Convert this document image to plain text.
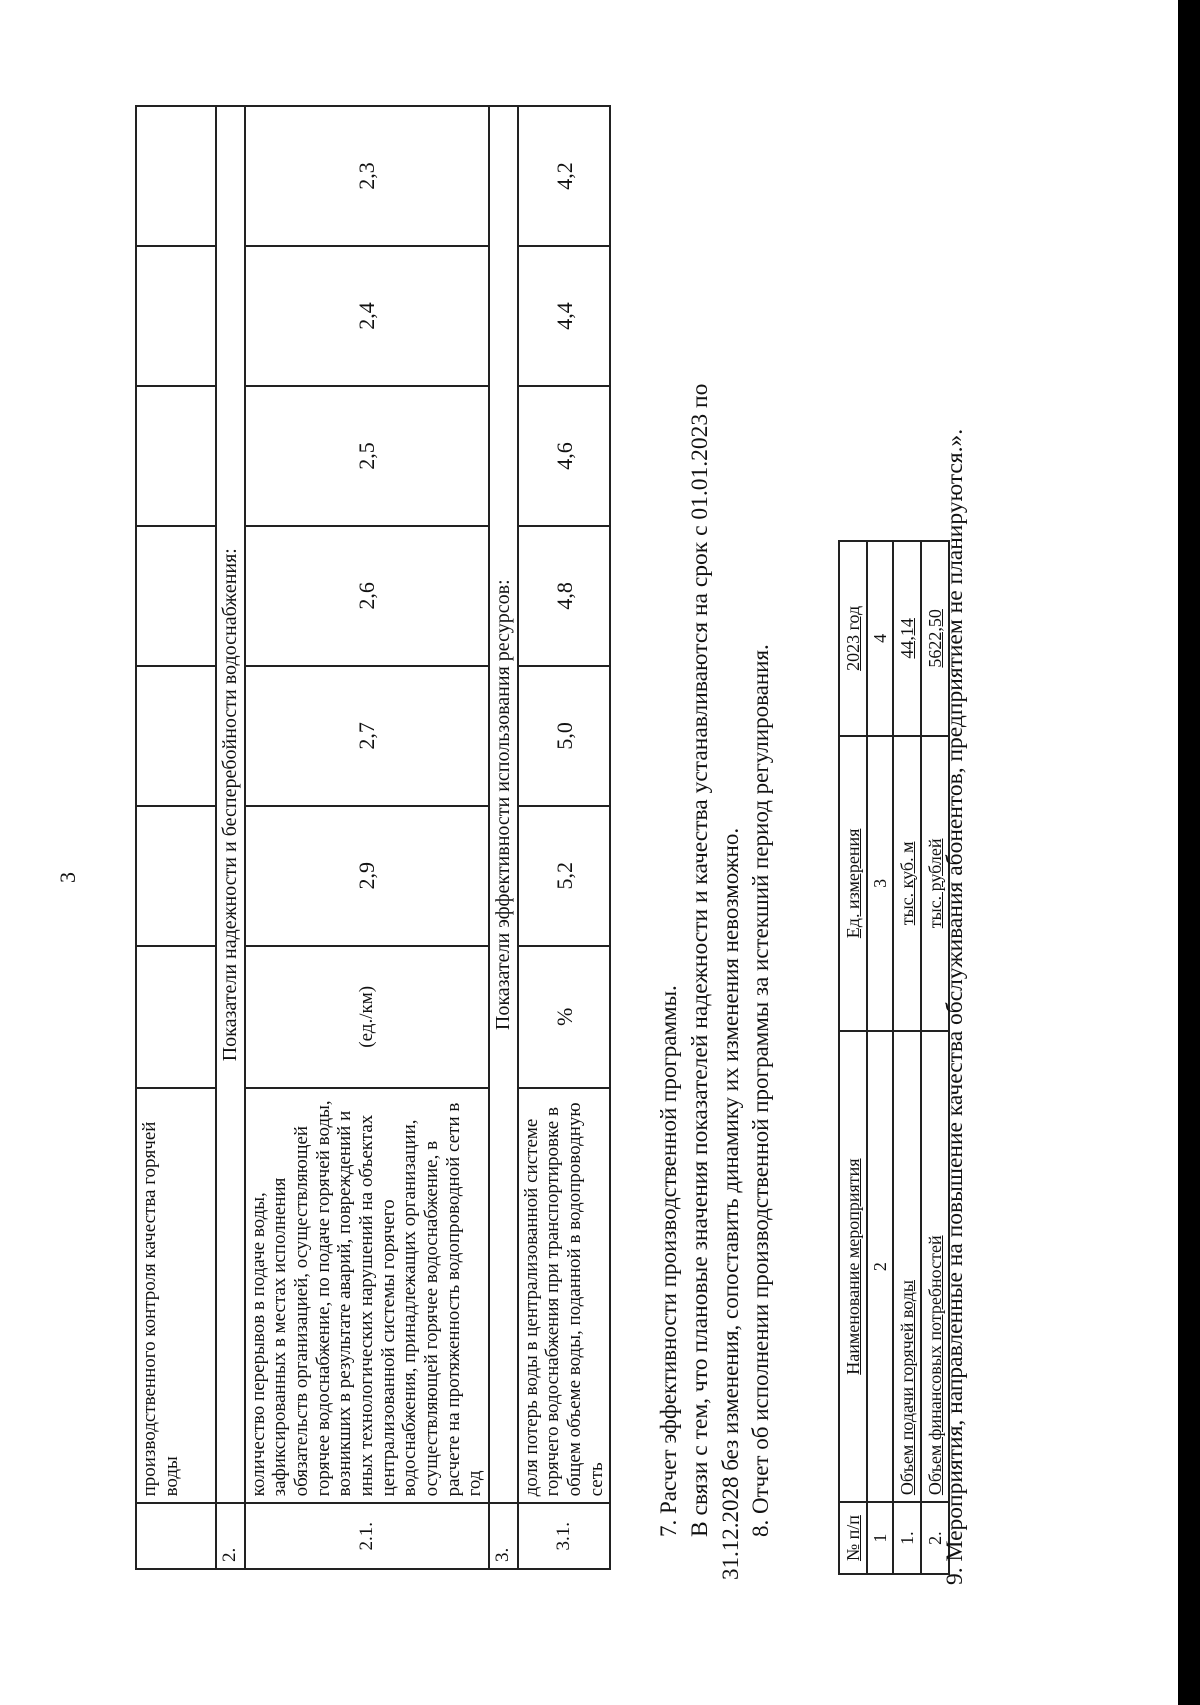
3
	производственного контроля качества горячей воды							
2.	Показатели надежности и бесперебойности водоснабжения:							
2.1.	количество перерывов в подаче воды, зафиксированных в местах исполнения обязательств организацией, осуществляющей горячее водоснабжение, по подаче горячей воды, возникших в результате аварий, повреждений и иных технологических нарушений на объектах централизованной системы горячего водоснабжения, принадлежащих организации, осуществляющей горячее водоснабжение, в расчете на протяженность водопроводной сети в год	(ед./км)	2,9	2,7	2,6	2,5	2,4	2,3
3.	Показатели эффективности использования ресурсов:							
3.1.	доля потерь воды в централизованной системе горячего водоснабжения при транспортировке в общем объеме воды, поданной в водопроводную сеть	%	5,2	5,0	4,8	4,6	4,4	4,2
7. Расчет эффективности производственной программы. В связи с тем, что плановые значения показателей надежности и качества устанавливаются на срок с 01.01.2023 по 31.12.2028 без изменения, сопоставить динамику их изменения невозможно. 8. Отчет об исполнении производственной программы за истекший период регулирования.
№ п/п	Наименование мероприятия	Ед. измерения	2023 год
1	2	3	4
1.	Объем подачи горячей воды	тыс. куб. м	44,14
2.	Объем финансовых потребностей	тыс. рублей	5622,50
9. Мероприятия, направленные на повышение качества обслуживания абонентов, предприятием не планируются.».
